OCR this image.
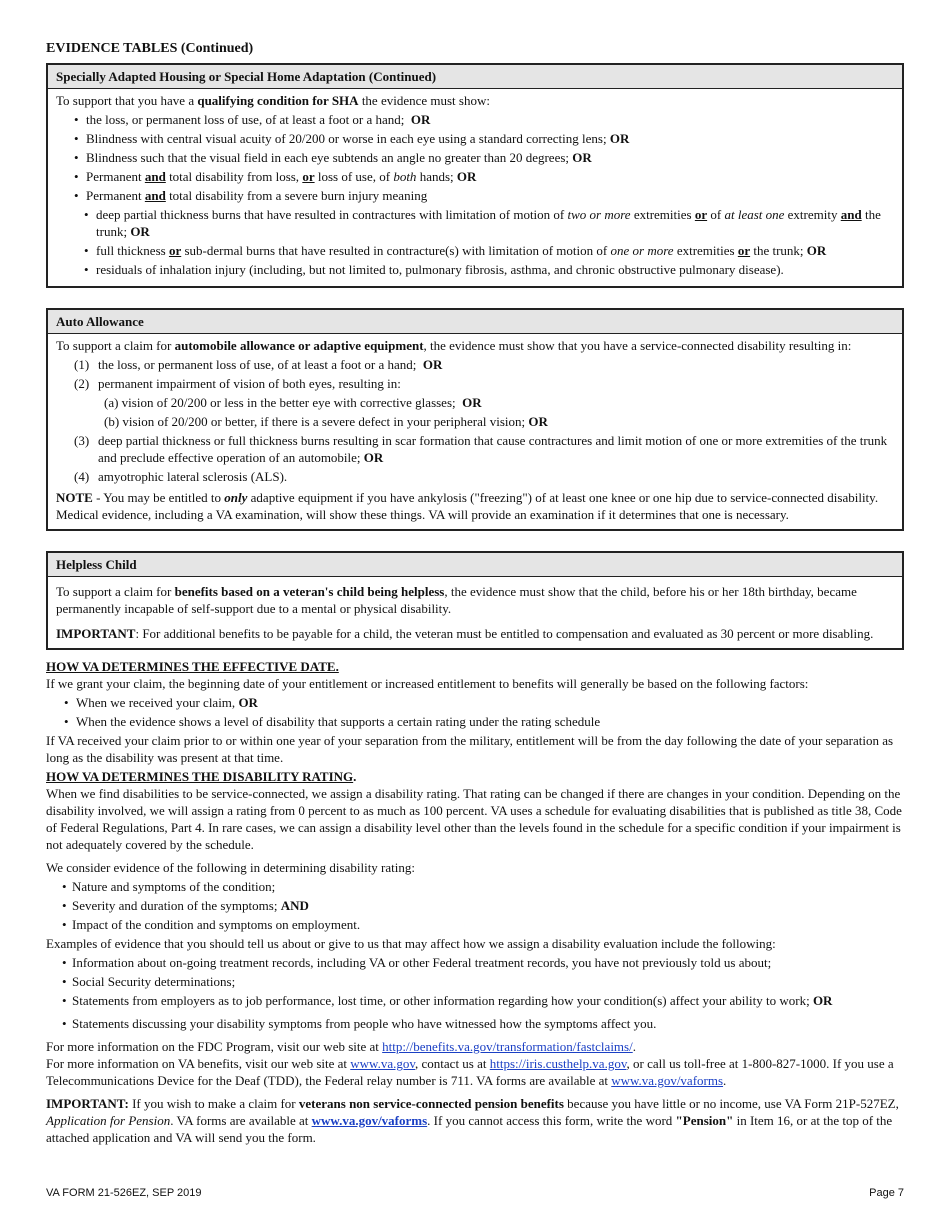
EVIDENCE TABLES (Continued)
Specially Adapted Housing or Special Home Adaptation (Continued)

To support that you have a qualifying condition for SHA the evidence must show:

• the loss, or permanent loss of use, of at least a foot or a hand; OR
• Blindness with central visual acuity of 20/200 or worse in each eye using a standard correcting lens; OR
• Blindness such that the visual field in each eye subtends an angle no greater than 20 degrees; OR
• Permanent and total disability from loss, or loss of use, of both hands; OR
• Permanent and total disability from a severe burn injury meaning
• deep partial thickness burns that have resulted in contractures with limitation of motion of two or more extremities or of at least one extremity and the trunk; OR
• full thickness or sub-dermal burns that have resulted in contracture(s) with limitation of motion of one or more extremities or the trunk; OR
• residuals of inhalation injury (including, but not limited to, pulmonary fibrosis, asthma, and chronic obstructive pulmonary disease).
Auto Allowance

To support a claim for automobile allowance or adaptive equipment, the evidence must show that you have a service-connected disability resulting in:

(1) the loss, or permanent loss of use, of at least a foot or a hand; OR
(2) permanent impairment of vision of both eyes, resulting in:
(a) vision of 20/200 or less in the better eye with corrective glasses; OR
(b) vision of 20/200 or better, if there is a severe defect in your peripheral vision; OR
(3) deep partial thickness or full thickness burns resulting in scar formation that cause contractures and limit motion of one or more extremities of the trunk and preclude effective operation of an automobile; OR
(4) amyotrophic lateral sclerosis (ALS).

NOTE - You may be entitled to only adaptive equipment if you have ankylosis ("freezing") of at least one knee or one hip due to service-connected disability. Medical evidence, including a VA examination, will show these things. VA will provide an examination if it determines that one is necessary.

Helpless Child

To support a claim for benefits based on a veteran's child being helpless, the evidence must show that the child, before his or her 18th birthday, became permanently incapable of self-support due to a mental or physical disability.

IMPORTANT: For additional benefits to be payable for a child, the veteran must be entitled to compensation and evaluated as 30 percent or more disabling.

HOW VA DETERMINES THE EFFECTIVE DATE.

If we grant your claim, the beginning date of your entitlement or increased entitlement to benefits will generally be based on the following factors:

• When we received your claim, OR
• When the evidence shows a level of disability that supports a certain rating under the rating schedule

If VA received your claim prior to or within one year of your separation from the military, entitlement will be from the day following the date of your separation as long as the disability was present at that time.

HOW VA DETERMINES THE DISABILITY RATING.

When we find disabilities to be service-connected, we assign a disability rating. That rating can be changed if there are changes in your condition. Depending on the disability involved, we will assign a rating from 0 percent to as much as 100 percent. VA uses a schedule for evaluating disabilities that is published as title 38, Code of Federal Regulations, Part 4. In rare cases, we can assign a disability level other than the levels found in the schedule for a specific condition if your impairment is not adequately covered by the schedule.

We consider evidence of the following in determining disability rating:

• Nature and symptoms of the condition;
• Severity and duration of the symptoms; AND
• Impact of the condition and symptoms on employment.

Examples of evidence that you should tell us about or give to us that may affect how we assign a disability evaluation include the following:

• Information about on-going treatment records, including VA or other Federal treatment records, you have not previously told us about;
• Social Security determinations;
• Statements from employers as to job performance, lost time, or other information regarding how your condition(s) affect your ability to work; OR
• Statements discussing your disability symptoms from people who have witnessed how the symptoms affect you.

For more information on the FDC Program, visit our web site at http://benefits.va.gov/transformation/fastclaims/.

For more information on VA benefits, visit our web site at www.va.gov, contact us at https://iris.custhelp.va.gov, or call us toll-free at 1-800-827-1000. If you use a Telecommunications Device for the Deaf (TDD), the Federal relay number is 711. VA forms are available at www.va.gov/vaforms.

IMPORTANT: If you wish to make a claim for veterans non service-connected pension benefits because you have little or no income, use VA Form 21P-527EZ, Application for Pension. VA forms are available at www.va.gov/vaforms. If you cannot access this form, write the word "Pension" in Item 16, or at the top of the attached application and VA will send you the form.

VA FORM 21-526EZ, SEP 2019	Page 7
